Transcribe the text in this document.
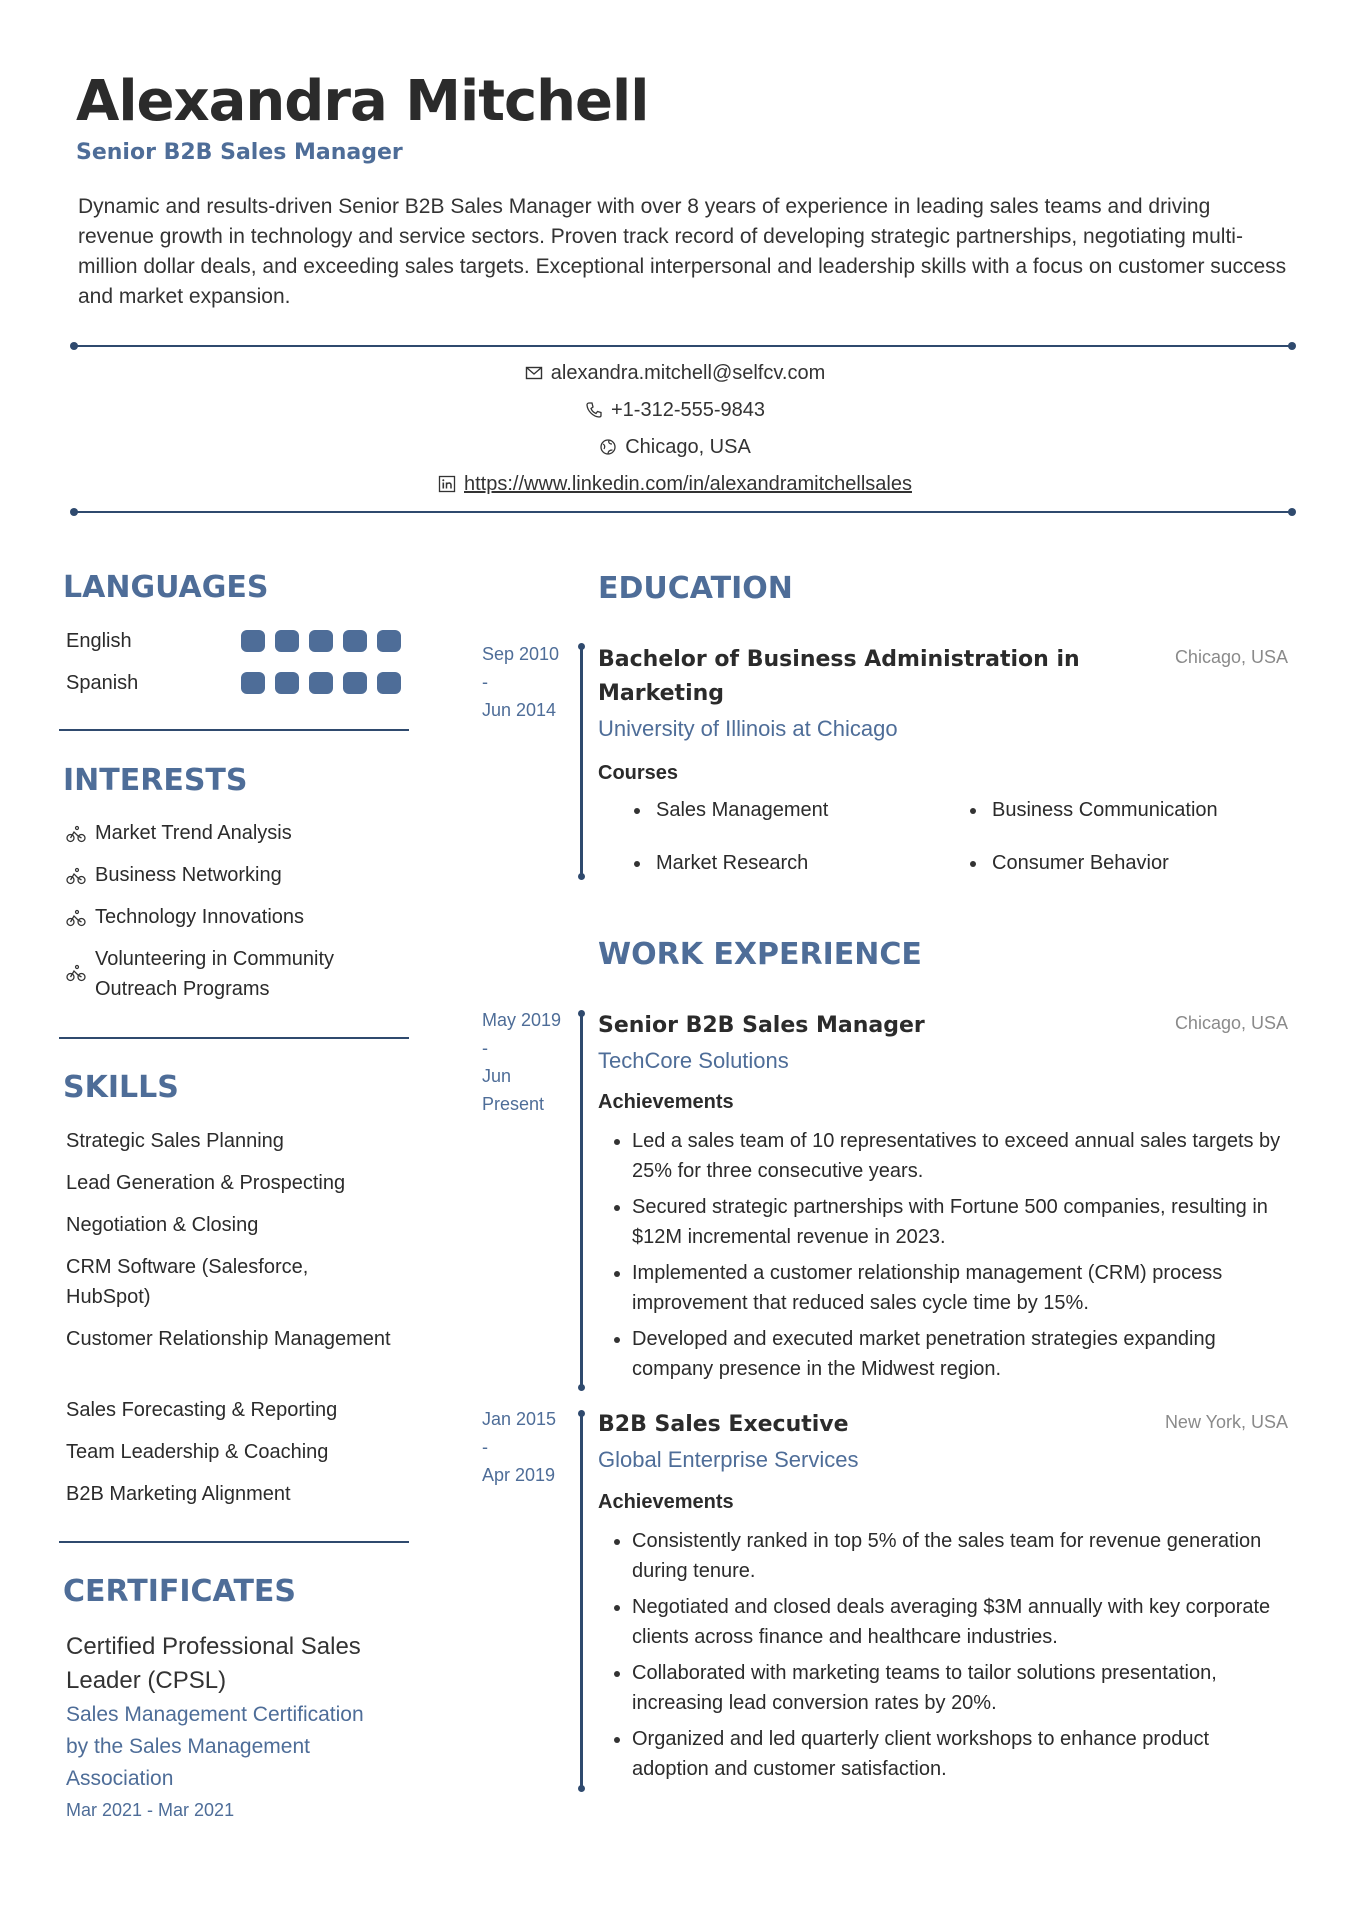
Alexandra Mitchell
Senior B2B Sales Manager
Dynamic and results-driven Senior B2B Sales Manager with over 8 years of experience in leading sales teams and driving revenue growth in technology and service sectors. Proven track record of developing strategic partnerships, negotiating multi-million dollar deals, and exceeding sales targets. Exceptional interpersonal and leadership skills with a focus on customer success and market expansion.
alexandra.mitchell@selfcv.com
+1-312-555-9843
Chicago, USA
https://www.linkedin.com/in/alexandramitchellsales
LANGUAGES
English
Spanish
INTERESTS
Market Trend Analysis
Business Networking
Technology Innovations
Volunteering in Community Outreach Programs
SKILLS
Strategic Sales Planning
Lead Generation & Prospecting
Negotiation & Closing
CRM Software (Salesforce, HubSpot)
Customer Relationship Management
Sales Forecasting & Reporting
Team Leadership & Coaching
B2B Marketing Alignment
CERTIFICATES
Certified Professional Sales Leader (CPSL)
Sales Management Certification by the Sales Management Association
Mar 2021 - Mar 2021
EDUCATION
Sep 2010
-
Jun 2014
Bachelor of Business Administration in Marketing
Chicago, USA
University of Illinois at Chicago
Courses
Sales Management	Business Communication
Market Research	Consumer Behavior
WORK EXPERIENCE
May 2019
-
Jun Present
Senior B2B Sales Manager	Chicago, USA
TechCore Solutions
Achievements
Led a sales team of 10 representatives to exceed annual sales targets by 25% for three consecutive years.
Secured strategic partnerships with Fortune 500 companies, resulting in $12M incremental revenue in 2023.
Implemented a customer relationship management (CRM) process improvement that reduced sales cycle time by 15%.
Developed and executed market penetration strategies expanding company presence in the Midwest region.
Jan 2015
-
Apr 2019
B2B Sales Executive	New York, USA
Global Enterprise Services
Achievements
Consistently ranked in top 5% of the sales team for revenue generation during tenure.
Negotiated and closed deals averaging $3M annually with key corporate clients across finance and healthcare industries.
Collaborated with marketing teams to tailor solutions presentation, increasing lead conversion rates by 20%.
Organized and led quarterly client workshops to enhance product adoption and customer satisfaction.
